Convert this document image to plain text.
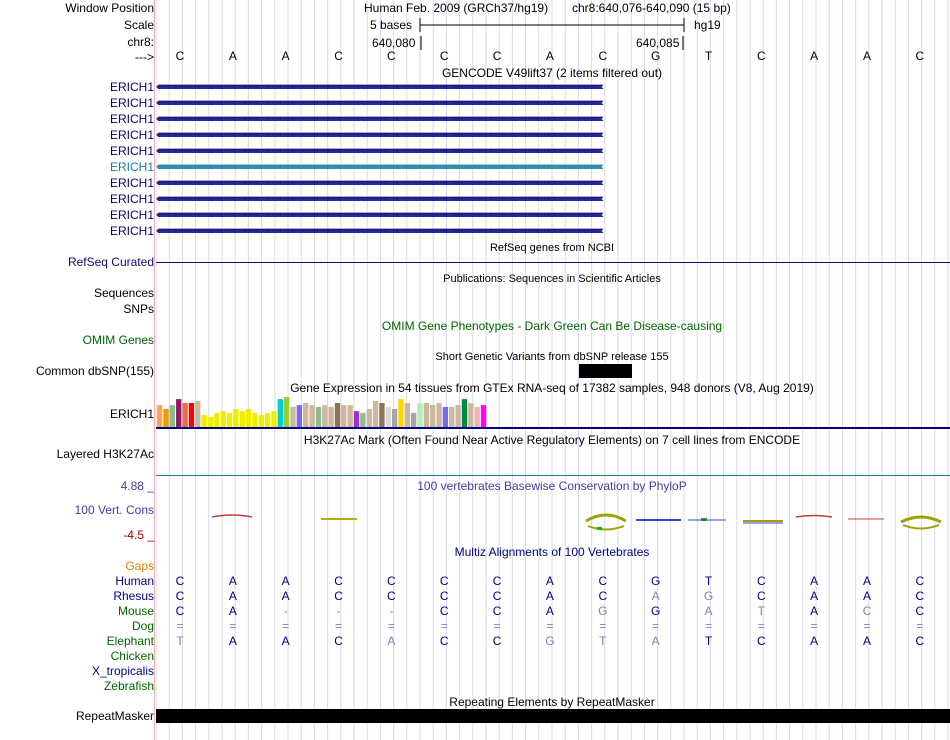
Window Position
Scale
chr8:
--->
Human Feb. 2009 (GRCh37/hg19) chr8:640,076-640,090 (15 bp)
5 bases	hg19
640,080	640,085
C	A	A	C	C	C	C	A	C	G	T	C	A	A	C
GENCODE V49lift37 (2 items filtered out)
ERICH1 ‹‹‹‹‹‹‹‹‹‹‹‹‹‹‹‹‹‹‹‹‹‹‹‹‹‹‹‹‹‹‹‹‹‹‹‹‹‹‹‹‹‹‹‹‹‹‹‹‹‹‹‹‹‹‹‹‹‹‹‹‹‹‹‹‹‹‹‹‹‹‹‹‹‹‹‹‹‹‹‹‹‹‹‹‹‹‹‹‹‹‹‹‹‹‹‹‹‹‹‹‹‹‹‹‹‹‹‹‹‹‹‹‹‹‹‹‹‹‹‹‹‹‹‹‹‹‹‹‹‹‹‹‹‹‹‹‹‹‹‹‹‹‹‹‹‹‹‹‹‹‹‹‹‹‹‹‹‹‹‹‹‹‹‹‹‹‹‹‹‹‹‹‹‹‹‹‹‹‹‹‹‹‹‹‹‹‹‹‹‹‹‹‹‹‹‹‹‹‹‹‹‹‹‹‹‹‹‹‹‹‹‹‹‹‹‹‹‹‹‹‹‹‹‹‹‹‹‹‹‹‹‹‹‹‹‹‹‹‹‹‹‹‹‹‹‹‹‹‹‹‹‹‹‹‹‹‹‹‹‹‹‹‹‹‹‹‹‹‹‹‹‹‹‹‹‹‹‹‹‹‹‹‹‹‹‹‹‹‹‹‹‹‹‹‹‹‹‹‹‹‹‹‹‹‹‹‹‹‹‹‹‹‹‹‹‹‹‹‹‹‹‹‹‹‹‹‹‹‹‹‹‹‹‹‹‹‹‹‹‹‹‹‹‹‹‹‹‹‹‹‹‹‹‹‹‹‹‹‹‹‹‹‹‹‹‹‹‹‹‹‹‹‹‹‹‹‹‹‹‹‹‹‹‹‹‹‹‹‹‹‹‹‹‹‹‹‹‹‹‹
ERICH1 ‹‹‹‹‹‹‹‹‹‹‹‹‹‹‹‹‹‹‹‹‹‹‹‹‹‹‹‹‹‹‹‹‹‹‹‹‹‹‹‹‹‹‹‹‹‹‹‹‹‹‹‹‹‹‹‹‹‹‹‹‹‹‹‹‹‹‹‹‹‹‹‹‹‹‹‹‹‹‹‹‹‹‹‹‹‹‹‹‹‹‹‹‹‹‹‹‹‹‹‹‹‹‹‹‹‹‹‹‹‹‹‹‹‹‹‹‹‹‹‹‹‹‹‹‹‹‹‹‹‹‹‹‹‹‹‹‹‹‹‹‹‹‹‹‹‹‹‹‹‹‹‹‹‹‹‹‹‹‹‹‹‹‹‹‹‹‹‹‹‹‹‹‹‹‹‹‹‹‹‹‹‹‹‹‹‹‹‹‹‹‹‹‹‹‹‹‹‹‹‹‹‹‹‹‹‹‹‹‹‹‹‹‹‹‹‹‹‹‹‹‹‹‹‹‹‹‹‹‹‹‹‹‹‹‹‹‹‹‹‹‹‹‹‹‹‹‹‹‹‹‹‹‹‹‹‹‹‹‹‹‹‹‹‹‹‹‹‹‹‹‹‹‹‹‹‹‹‹‹‹‹‹‹‹‹‹‹‹‹‹‹‹‹‹‹‹‹‹‹‹‹‹‹‹‹‹‹‹‹‹‹‹‹‹‹‹‹‹‹‹‹‹‹‹‹‹‹‹‹‹‹‹‹‹‹‹‹‹‹‹‹‹‹‹‹‹‹‹‹‹‹‹‹‹‹‹‹‹‹‹‹‹‹‹‹‹‹‹‹‹‹‹‹‹‹‹‹‹‹‹‹‹‹‹‹‹‹‹‹‹‹‹‹‹‹‹‹‹‹‹
ERICH1 ‹‹‹‹‹‹‹‹‹‹‹‹‹‹‹‹‹‹‹‹‹‹‹‹‹‹‹‹‹‹‹‹‹‹‹‹‹‹‹‹‹‹‹‹‹‹‹‹‹‹‹‹‹‹‹‹‹‹‹‹‹‹‹‹‹‹‹‹‹‹‹‹‹‹‹‹‹‹‹‹‹‹‹‹‹‹‹‹‹‹‹‹‹‹‹‹‹‹‹‹‹‹‹‹‹‹‹‹‹‹‹‹‹‹‹‹‹‹‹‹‹‹‹‹‹‹‹‹‹‹‹‹‹‹‹‹‹‹‹‹‹‹‹‹‹‹‹‹‹‹‹‹‹‹‹‹‹‹‹‹‹‹‹‹‹‹‹‹‹‹‹‹‹‹‹‹‹‹‹‹‹‹‹‹‹‹‹‹‹‹‹‹‹‹‹‹‹‹‹‹‹‹‹‹‹‹‹‹‹‹‹‹‹‹‹‹‹‹‹‹‹‹‹‹‹‹‹‹‹‹‹‹‹‹‹‹‹‹‹‹‹‹‹‹‹‹‹‹‹‹‹‹‹‹‹‹‹‹‹‹‹‹‹‹‹‹‹‹‹‹‹‹‹‹‹‹‹‹‹‹‹‹‹‹‹‹‹‹‹‹‹‹‹‹‹‹‹‹‹‹‹‹‹‹‹‹‹‹‹‹‹‹‹‹‹‹‹‹‹‹‹‹‹‹‹‹‹‹‹‹‹‹‹‹‹‹‹‹‹‹‹‹‹‹‹‹‹‹‹‹‹‹‹‹‹‹‹‹‹‹‹‹‹‹‹‹‹‹‹‹‹‹‹‹‹‹‹‹‹‹‹‹‹‹‹‹‹‹‹‹‹‹‹‹‹‹‹‹‹‹
ERICH1 ‹‹‹‹‹‹‹‹‹‹‹‹‹‹‹‹‹‹‹‹‹‹‹‹‹‹‹‹‹‹‹‹‹‹‹‹‹‹‹‹‹‹‹‹‹‹‹‹‹‹‹‹‹‹‹‹‹‹‹‹‹‹‹‹‹‹‹‹‹‹‹‹‹‹‹‹‹‹‹‹‹‹‹‹‹‹‹‹‹‹‹‹‹‹‹‹‹‹‹‹‹‹‹‹‹‹‹‹‹‹‹‹‹‹‹‹‹‹‹‹‹‹‹‹‹‹‹‹‹‹‹‹‹‹‹‹‹‹‹‹‹‹‹‹‹‹‹‹‹‹‹‹‹‹‹‹‹‹‹‹‹‹‹‹‹‹‹‹‹‹‹‹‹‹‹‹‹‹‹‹‹‹‹‹‹‹‹‹‹‹‹‹‹‹‹‹‹‹‹‹‹‹‹‹‹‹‹‹‹‹‹‹‹‹‹‹‹‹‹‹‹‹‹‹‹‹‹‹‹‹‹‹‹‹‹‹‹‹‹‹‹‹‹‹‹‹‹‹‹‹‹‹‹‹‹‹‹‹‹‹‹‹‹‹‹‹‹‹‹‹‹‹‹‹‹‹‹‹‹‹‹‹‹‹‹‹‹‹‹‹‹‹‹‹‹‹‹‹‹‹‹‹‹‹‹‹‹‹‹‹‹‹‹‹‹‹‹‹‹‹‹‹‹‹‹‹‹‹‹‹‹‹‹‹‹‹‹‹‹‹‹‹‹‹‹‹‹‹‹‹‹‹‹‹‹‹‹‹‹‹‹‹‹‹‹‹‹‹‹‹‹‹‹‹‹‹‹‹‹‹‹‹‹‹‹‹‹‹‹‹‹‹‹‹‹‹‹‹‹‹
ERICH1 ‹‹‹‹‹‹‹‹‹‹‹‹‹‹‹‹‹‹‹‹‹‹‹‹‹‹‹‹‹‹‹‹‹‹‹‹‹‹‹‹‹‹‹‹‹‹‹‹‹‹‹‹‹‹‹‹‹‹‹‹‹‹‹‹‹‹‹‹‹‹‹‹‹‹‹‹‹‹‹‹‹‹‹‹‹‹‹‹‹‹‹‹‹‹‹‹‹‹‹‹‹‹‹‹‹‹‹‹‹‹‹‹‹‹‹‹‹‹‹‹‹‹‹‹‹‹‹‹‹‹‹‹‹‹‹‹‹‹‹‹‹‹‹‹‹‹‹‹‹‹‹‹‹‹‹‹‹‹‹‹‹‹‹‹‹‹‹‹‹‹‹‹‹‹‹‹‹‹‹‹‹‹‹‹‹‹‹‹‹‹‹‹‹‹‹‹‹‹‹‹‹‹‹‹‹‹‹‹‹‹‹‹‹‹‹‹‹‹‹‹‹‹‹‹‹‹‹‹‹‹‹‹‹‹‹‹‹‹‹‹‹‹‹‹‹‹‹‹‹‹‹‹‹‹‹‹‹‹‹‹‹‹‹‹‹‹‹‹‹‹‹‹‹‹‹‹‹‹‹‹‹‹‹‹‹‹‹‹‹‹‹‹‹‹‹‹‹‹‹‹‹‹‹‹‹‹‹‹‹‹‹‹‹‹‹‹‹‹‹‹‹‹‹‹‹‹‹‹‹‹‹‹‹‹‹‹‹‹‹‹‹‹‹‹‹‹‹‹‹‹‹‹‹‹‹‹‹‹‹‹‹‹‹‹‹‹‹‹‹‹‹‹‹‹‹‹‹‹‹‹‹‹‹‹‹‹‹‹‹‹‹‹‹‹‹‹‹‹‹‹
ERICH1 ‹‹‹‹‹‹‹‹‹‹‹‹‹‹‹‹‹‹‹‹‹‹‹‹‹‹‹‹‹‹‹‹‹‹‹‹‹‹‹‹‹‹‹‹‹‹‹‹‹‹‹‹‹‹‹‹‹‹‹‹‹‹‹‹‹‹‹‹‹‹‹‹‹‹‹‹‹‹‹‹‹‹‹‹‹‹‹‹‹‹‹‹‹‹‹‹‹‹‹‹‹‹‹‹‹‹‹‹‹‹‹‹‹‹‹‹‹‹‹‹‹‹‹‹‹‹‹‹‹‹‹‹‹‹‹‹‹‹‹‹‹‹‹‹‹‹‹‹‹‹‹‹‹‹‹‹‹‹‹‹‹‹‹‹‹‹‹‹‹‹‹‹‹‹‹‹‹‹‹‹‹‹‹‹‹‹‹‹‹‹‹‹‹‹‹‹‹‹‹‹‹‹‹‹‹‹‹‹‹‹‹‹‹‹‹‹‹‹‹‹‹‹‹‹‹‹‹‹‹‹‹‹‹‹‹‹‹‹‹‹‹‹‹‹‹‹‹‹‹‹‹‹‹‹‹‹‹‹‹‹‹‹‹‹‹‹‹‹‹‹‹‹‹‹‹‹‹‹‹‹‹‹‹‹‹‹‹‹‹‹‹‹‹‹‹‹‹‹‹‹‹‹‹‹‹‹‹‹‹‹‹‹‹‹‹‹‹‹‹‹‹‹‹‹‹‹‹‹‹‹‹‹‹‹‹‹‹‹‹‹‹‹‹‹‹‹‹‹‹‹‹‹‹‹‹‹‹‹‹‹‹‹‹‹‹‹‹‹‹‹‹‹‹‹‹‹‹‹‹‹‹‹‹‹‹‹‹‹‹‹‹‹‹‹‹‹‹‹‹‹
ERICH1 ‹‹‹‹‹‹‹‹‹‹‹‹‹‹‹‹‹‹‹‹‹‹‹‹‹‹‹‹‹‹‹‹‹‹‹‹‹‹‹‹‹‹‹‹‹‹‹‹‹‹‹‹‹‹‹‹‹‹‹‹‹‹‹‹‹‹‹‹‹‹‹‹‹‹‹‹‹‹‹‹‹‹‹‹‹‹‹‹‹‹‹‹‹‹‹‹‹‹‹‹‹‹‹‹‹‹‹‹‹‹‹‹‹‹‹‹‹‹‹‹‹‹‹‹‹‹‹‹‹‹‹‹‹‹‹‹‹‹‹‹‹‹‹‹‹‹‹‹‹‹‹‹‹‹‹‹‹‹‹‹‹‹‹‹‹‹‹‹‹‹‹‹‹‹‹‹‹‹‹‹‹‹‹‹‹‹‹‹‹‹‹‹‹‹‹‹‹‹‹‹‹‹‹‹‹‹‹‹‹‹‹‹‹‹‹‹‹‹‹‹‹‹‹‹‹‹‹‹‹‹‹‹‹‹‹‹‹‹‹‹‹‹‹‹‹‹‹‹‹‹‹‹‹‹‹‹‹‹‹‹‹‹‹‹‹‹‹‹‹‹‹‹‹‹‹‹‹‹‹‹‹‹‹‹‹‹‹‹‹‹‹‹‹‹‹‹‹‹‹‹‹‹‹‹‹‹‹‹‹‹‹‹‹‹‹‹‹‹‹‹‹‹‹‹‹‹‹‹‹‹‹‹‹‹‹‹‹‹‹‹‹‹‹‹‹‹‹‹‹‹‹‹‹‹‹‹‹‹‹‹‹‹‹‹‹‹‹‹‹‹‹‹‹‹‹‹‹‹‹‹‹‹‹‹‹‹‹‹‹‹‹‹‹‹‹‹‹‹‹‹
ERICH1 ‹‹‹‹‹‹‹‹‹‹‹‹‹‹‹‹‹‹‹‹‹‹‹‹‹‹‹‹‹‹‹‹‹‹‹‹‹‹‹‹‹‹‹‹‹‹‹‹‹‹‹‹‹‹‹‹‹‹‹‹‹‹‹‹‹‹‹‹‹‹‹‹‹‹‹‹‹‹‹‹‹‹‹‹‹‹‹‹‹‹‹‹‹‹‹‹‹‹‹‹‹‹‹‹‹‹‹‹‹‹‹‹‹‹‹‹‹‹‹‹‹‹‹‹‹‹‹‹‹‹‹‹‹‹‹‹‹‹‹‹‹‹‹‹‹‹‹‹‹‹‹‹‹‹‹‹‹‹‹‹‹‹‹‹‹‹‹‹‹‹‹‹‹‹‹‹‹‹‹‹‹‹‹‹‹‹‹‹‹‹‹‹‹‹‹‹‹‹‹‹‹‹‹‹‹‹‹‹‹‹‹‹‹‹‹‹‹‹‹‹‹‹‹‹‹‹‹‹‹‹‹‹‹‹‹‹‹‹‹‹‹‹‹‹‹‹‹‹‹‹‹‹‹‹‹‹‹‹‹‹‹‹‹‹‹‹‹‹‹‹‹‹‹‹‹‹‹‹‹‹‹‹‹‹‹‹‹‹‹‹‹‹‹‹‹‹‹‹‹‹‹‹‹‹‹‹‹‹‹‹‹‹‹‹‹‹‹‹‹‹‹‹‹‹‹‹‹‹‹‹‹‹‹‹‹‹‹‹‹‹‹‹‹‹‹‹‹‹‹‹‹‹‹‹‹‹‹‹‹‹‹‹‹‹‹‹‹‹‹‹‹‹‹‹‹‹‹‹‹‹‹‹‹‹‹‹‹‹‹‹‹‹‹‹‹‹‹‹‹‹
ERICH1 ‹‹‹‹‹‹‹‹‹‹‹‹‹‹‹‹‹‹‹‹‹‹‹‹‹‹‹‹‹‹‹‹‹‹‹‹‹‹‹‹‹‹‹‹‹‹‹‹‹‹‹‹‹‹‹‹‹‹‹‹‹‹‹‹‹‹‹‹‹‹‹‹‹‹‹‹‹‹‹‹‹‹‹‹‹‹‹‹‹‹‹‹‹‹‹‹‹‹‹‹‹‹‹‹‹‹‹‹‹‹‹‹‹‹‹‹‹‹‹‹‹‹‹‹‹‹‹‹‹‹‹‹‹‹‹‹‹‹‹‹‹‹‹‹‹‹‹‹‹‹‹‹‹‹‹‹‹‹‹‹‹‹‹‹‹‹‹‹‹‹‹‹‹‹‹‹‹‹‹‹‹‹‹‹‹‹‹‹‹‹‹‹‹‹‹‹‹‹‹‹‹‹‹‹‹‹‹‹‹‹‹‹‹‹‹‹‹‹‹‹‹‹‹‹‹‹‹‹‹‹‹‹‹‹‹‹‹‹‹‹‹‹‹‹‹‹‹‹‹‹‹‹‹‹‹‹‹‹‹‹‹‹‹‹‹‹‹‹‹‹‹‹‹‹‹‹‹‹‹‹‹‹‹‹‹‹‹‹‹‹‹‹‹‹‹‹‹‹‹‹‹‹‹‹‹‹‹‹‹‹‹‹‹‹‹‹‹‹‹‹‹‹‹‹‹‹‹‹‹‹‹‹‹‹‹‹‹‹‹‹‹‹‹‹‹‹‹‹‹‹‹‹‹‹‹‹‹‹‹‹‹‹‹‹‹‹‹‹‹‹‹‹‹‹‹‹‹‹‹‹‹‹‹‹‹‹‹‹‹‹‹‹‹‹‹‹‹‹‹‹
ERICH1 ‹‹‹‹‹‹‹‹‹‹‹‹‹‹‹‹‹‹‹‹‹‹‹‹‹‹‹‹‹‹‹‹‹‹‹‹‹‹‹‹‹‹‹‹‹‹‹‹‹‹‹‹‹‹‹‹‹‹‹‹‹‹‹‹‹‹‹‹‹‹‹‹‹‹‹‹‹‹‹‹‹‹‹‹‹‹‹‹‹‹‹‹‹‹‹‹‹‹‹‹‹‹‹‹‹‹‹‹‹‹‹‹‹‹‹‹‹‹‹‹‹‹‹‹‹‹‹‹‹‹‹‹‹‹‹‹‹‹‹‹‹‹‹‹‹‹‹‹‹‹‹‹‹‹‹‹‹‹‹‹‹‹‹‹‹‹‹‹‹‹‹‹‹‹‹‹‹‹‹‹‹‹‹‹‹‹‹‹‹‹‹‹‹‹‹‹‹‹‹‹‹‹‹‹‹‹‹‹‹‹‹‹‹‹‹‹‹‹‹‹‹‹‹‹‹‹‹‹‹‹‹‹‹‹‹‹‹‹‹‹‹‹‹‹‹‹‹‹‹‹‹‹‹‹‹‹‹‹‹‹‹‹‹‹‹‹‹‹‹‹‹‹‹‹‹‹‹‹‹‹‹‹‹‹‹‹‹‹‹‹‹‹‹‹‹‹‹‹‹‹‹‹‹‹‹‹‹‹‹‹‹‹‹‹‹‹‹‹‹‹‹‹‹‹‹‹‹‹‹‹‹‹‹‹‹‹‹‹‹‹‹‹‹‹‹‹‹‹‹‹‹‹‹‹‹‹‹‹‹‹‹‹‹‹‹‹‹‹‹‹‹‹‹‹‹‹‹‹‹‹‹‹‹‹‹‹‹‹‹‹‹‹‹‹‹‹‹‹‹‹
RefSeq genes from NCBI
RefSeq Curated
Publications: Sequences in Scientific Articles
Sequences
SNPs
OMIM Gene Phenotypes - Dark Green Can Be Disease-causing
OMIM Genes
Short Genetic Variants from dbSNP release 155
Common dbSNP(155)
Gene Expression in 54 tissues from GTEx RNA-seq of 17382 samples, 948 donors (V8, Aug 2019)
ERICH1
H3K27Ac Mark (Often Found Near Active Regulatory Elements) on 7 cell lines from ENCODE
Layered H3K27Ac
4.88 _	100 vertebrates Basewise Conservation by PhyloP
100 Vert. Cons
-4.5 _
Multiz Alignments of 100 Vertebrates
Gaps
Human	C	A	A	C	C	C	C	A	C	G	T	C	A	A	C
Rhesus	C	A	A	C	C	C	C	A	C	A	G	C	A	A	C
Mouse	C	A	-	-	-	C	C	A	G	G	A	T	A	C	C
Dog	=	=	=	=	=	=	=	=	=	=	=	=	=	=	=
Elephant	T	A	A	C	A	C	C	G	T	A	T	C	A	A	C
Chicken
X_tropicalis
Zebrafish
Repeating Elements by RepeatMasker
RepeatMasker
